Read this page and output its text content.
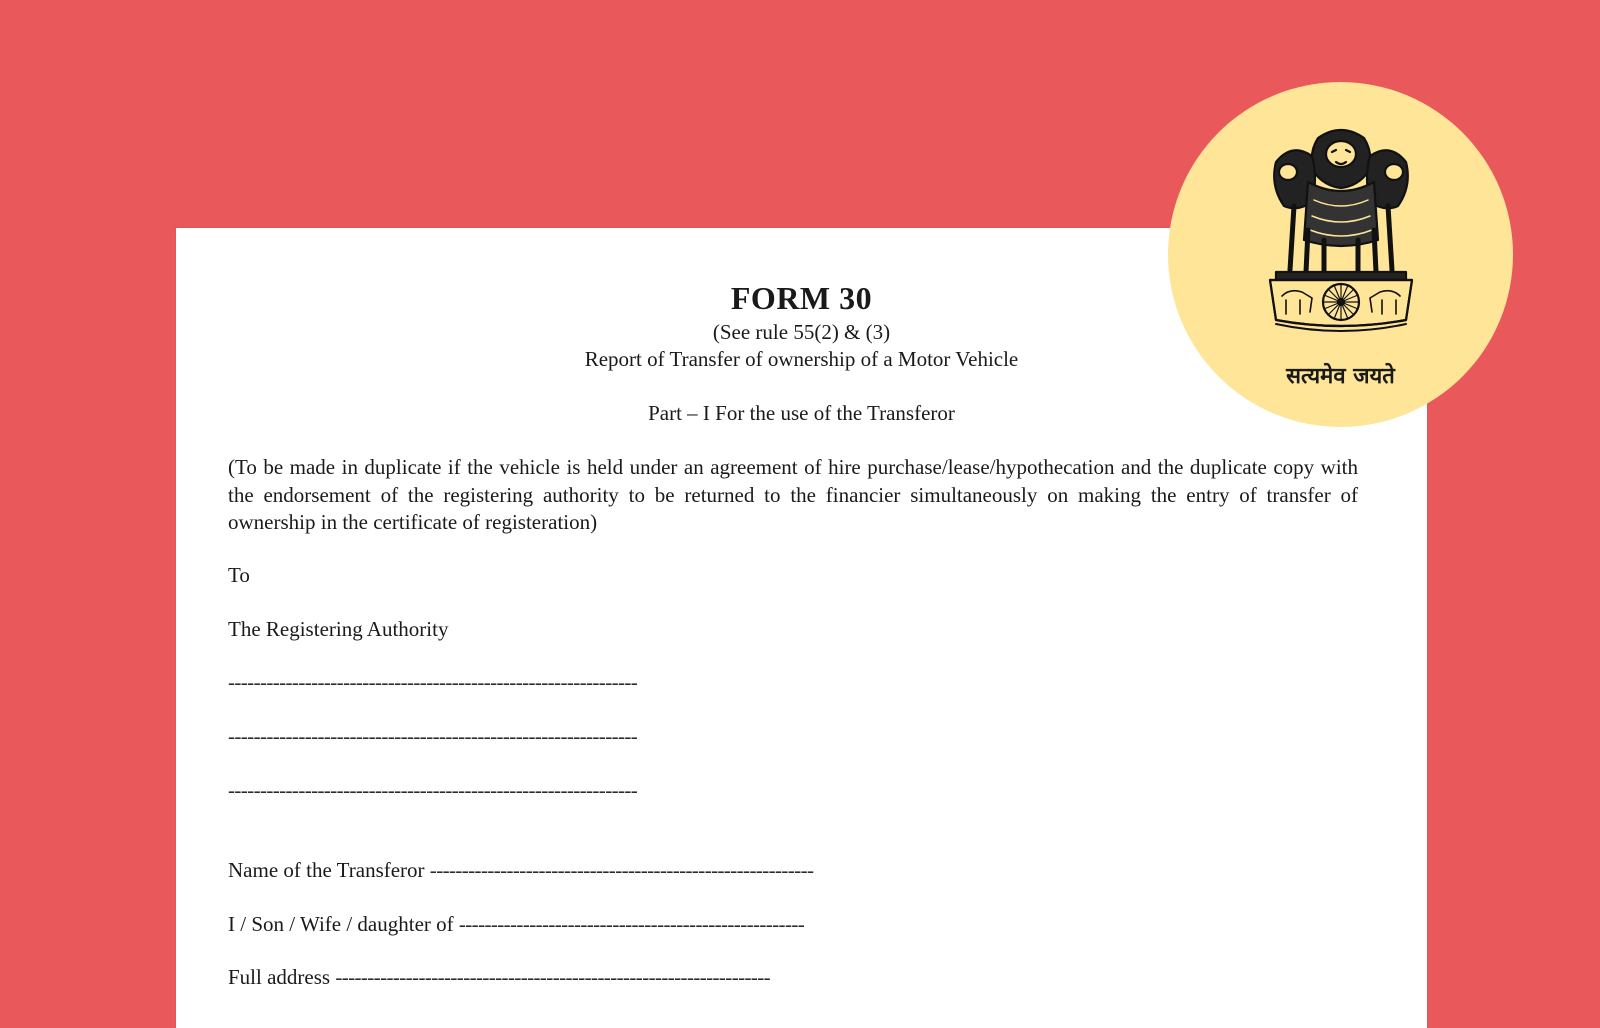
FORM 30
(See rule 55(2) & (3)
Report of Transfer of ownership of a Motor Vehicle
Part – I For the use of the Transferor
(To be made in duplicate if the vehicle is held under an agreement of hire purchase/lease/hypothecation and the duplicate copy with the endorsement of the registering authority to be returned to the financier simultaneously on making the entry of transfer of ownership in the certificate of registeration)
To
The Registering Authority
----------------------------------------------------------------
----------------------------------------------------------------
----------------------------------------------------------------
Name of the Transferor ------------------------------------------------------------
I / Son / Wife / daughter of ------------------------------------------------------
Full address --------------------------------------------------------------------
सत्यमेव जयते
